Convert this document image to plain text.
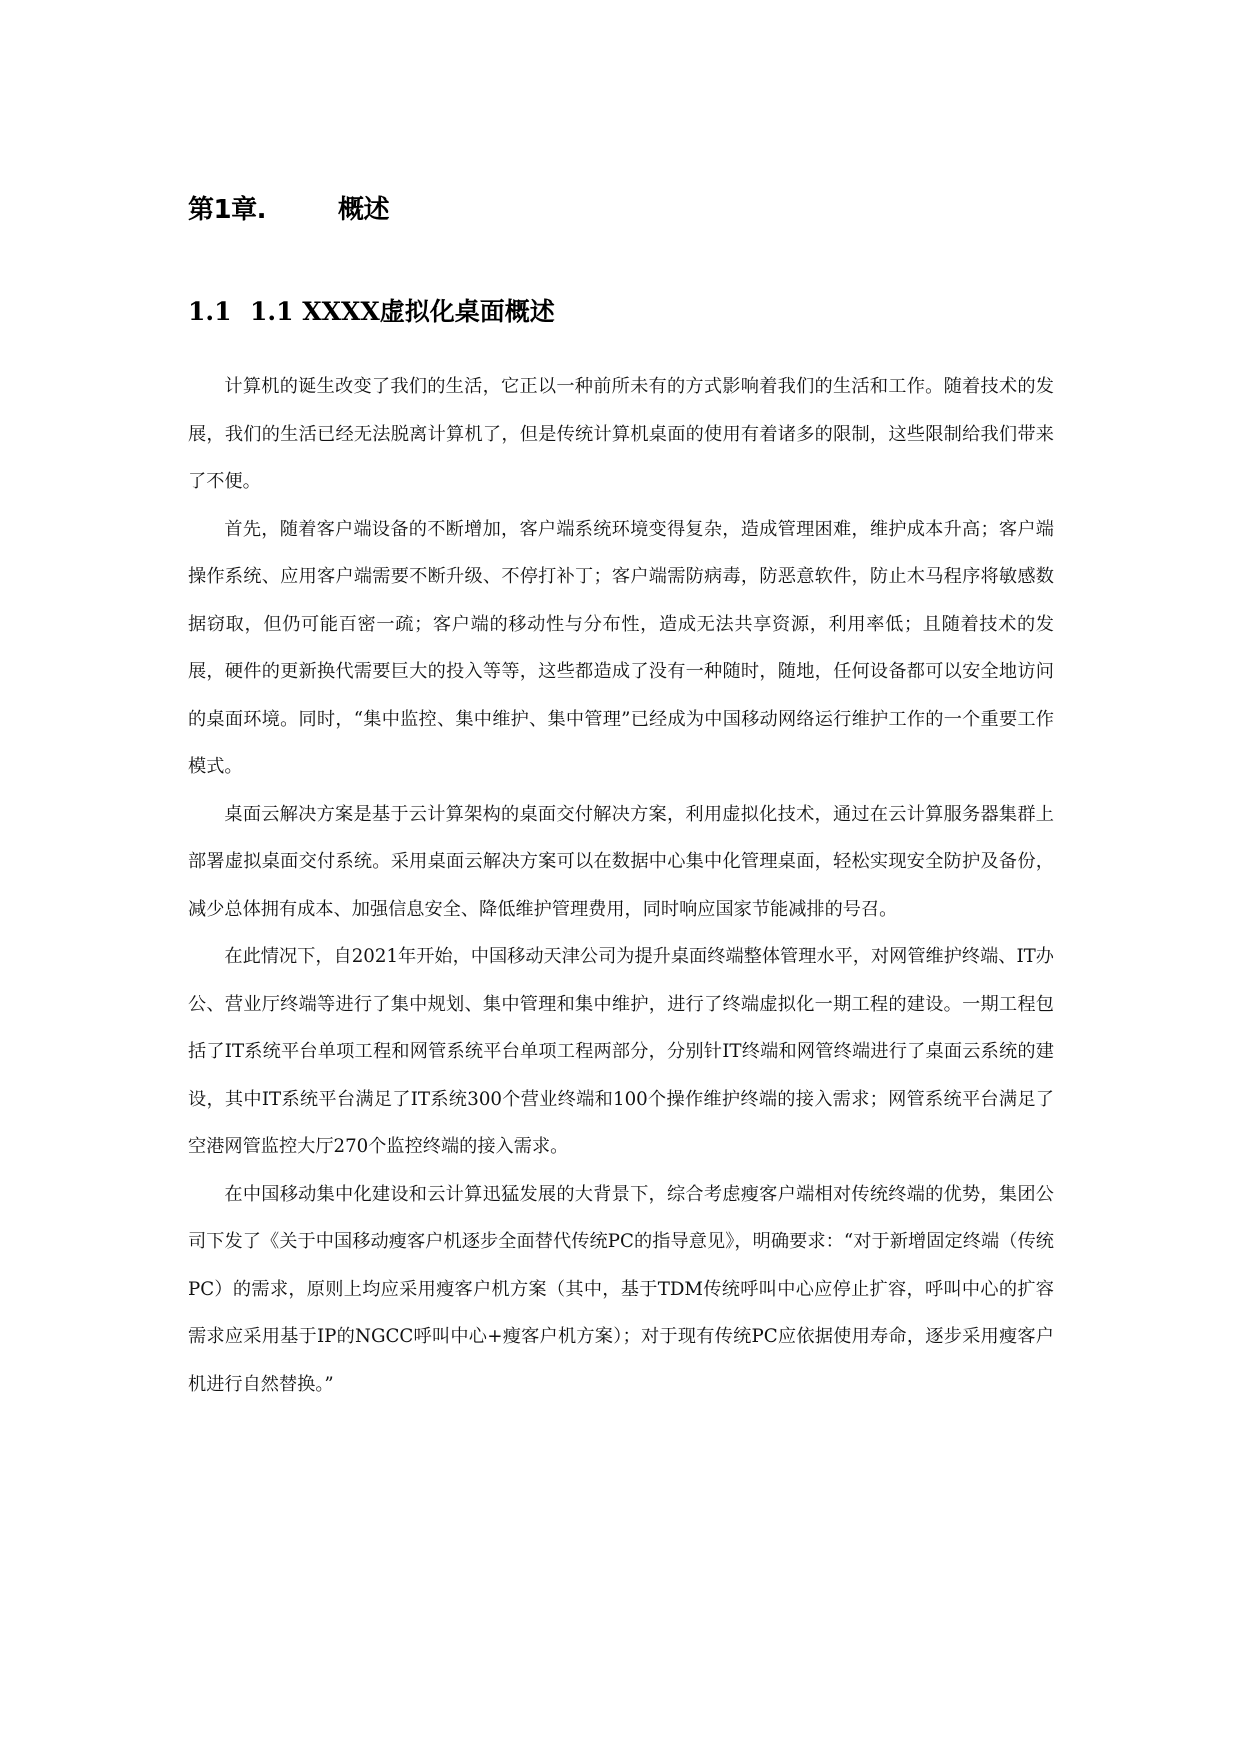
第1章.	概述
1.1 1.1 XXXX虚拟化桌面概述

计算机的诞生改变了我们的生活，它正以一种前所未有的方式影响着我们的生活和工作。随着技术的发展，我们的生活已经无法脱离计算机了，但是传统计算机桌面的使用有着诸多的限制，这些限制给我们带来了不便。

首先，随着客户端设备的不断增加，客户端系统环境变得复杂，造成管理困难，维护成本升高；客户端操作系统、应用客户端需要不断升级、不停打补丁；客户端需防病毒，防恶意软件，防止木马程序将敏感数据窃取，但仍可能百密一疏；客户端的移动性与分布性，造成无法共享资源，利用率低；且随着技术的发展，硬件的更新换代需要巨大的投入等等，这些都造成了没有一种随时，随地，任何设备都可以安全地访问的桌面环境。同时，“集中监控、集中维护、集中管理”已经成为中国移动网络运行维护工作的一个重要工作模式。

桌面云解决方案是基于云计算架构的桌面交付解决方案，利用虚拟化技术，通过在云计算服务器集群上部署虚拟桌面交付系统。采用桌面云解决方案可以在数据中心集中化管理桌面，轻松实现安全防护及备份，减少总体拥有成本、加强信息安全、降低维护管理费用，同时响应国家节能减排的号召。

在此情况下，自2021年开始，中国移动天津公司为提升桌面终端整体管理水平，对网管维护终端、IT办公、营业厅终端等进行了集中规划、集中管理和集中维护，进行了终端虚拟化一期工程的建设。一期工程包括了IT系统平台单项工程和网管系统平台单项工程两部分，分别针IT终端和网管终端进行了桌面云系统的建设，其中IT系统平台满足了IT系统300个营业终端和100个操作维护终端的接入需求；网管系统平台满足了空港网管监控大厅270个监控终端的接入需求。

在中国移动集中化建设和云计算迅猛发展的大背景下，综合考虑瘦客户端相对传统终端的优势，集团公司下发了《关于中国移动瘦客户机逐步全面替代传统PC的指导意见》，明确要求：“对于新增固定终端（传统PC）的需求，原则上均应采用瘦客户机方案（其中，基于TDM传统呼叫中心应停止扩容，呼叫中心的扩容需求应采用基于IP的NGCC呼叫中心+瘦客户机方案）；对于现有传统PC应依据使用寿命，逐步采用瘦客户机进行自然替换。”
